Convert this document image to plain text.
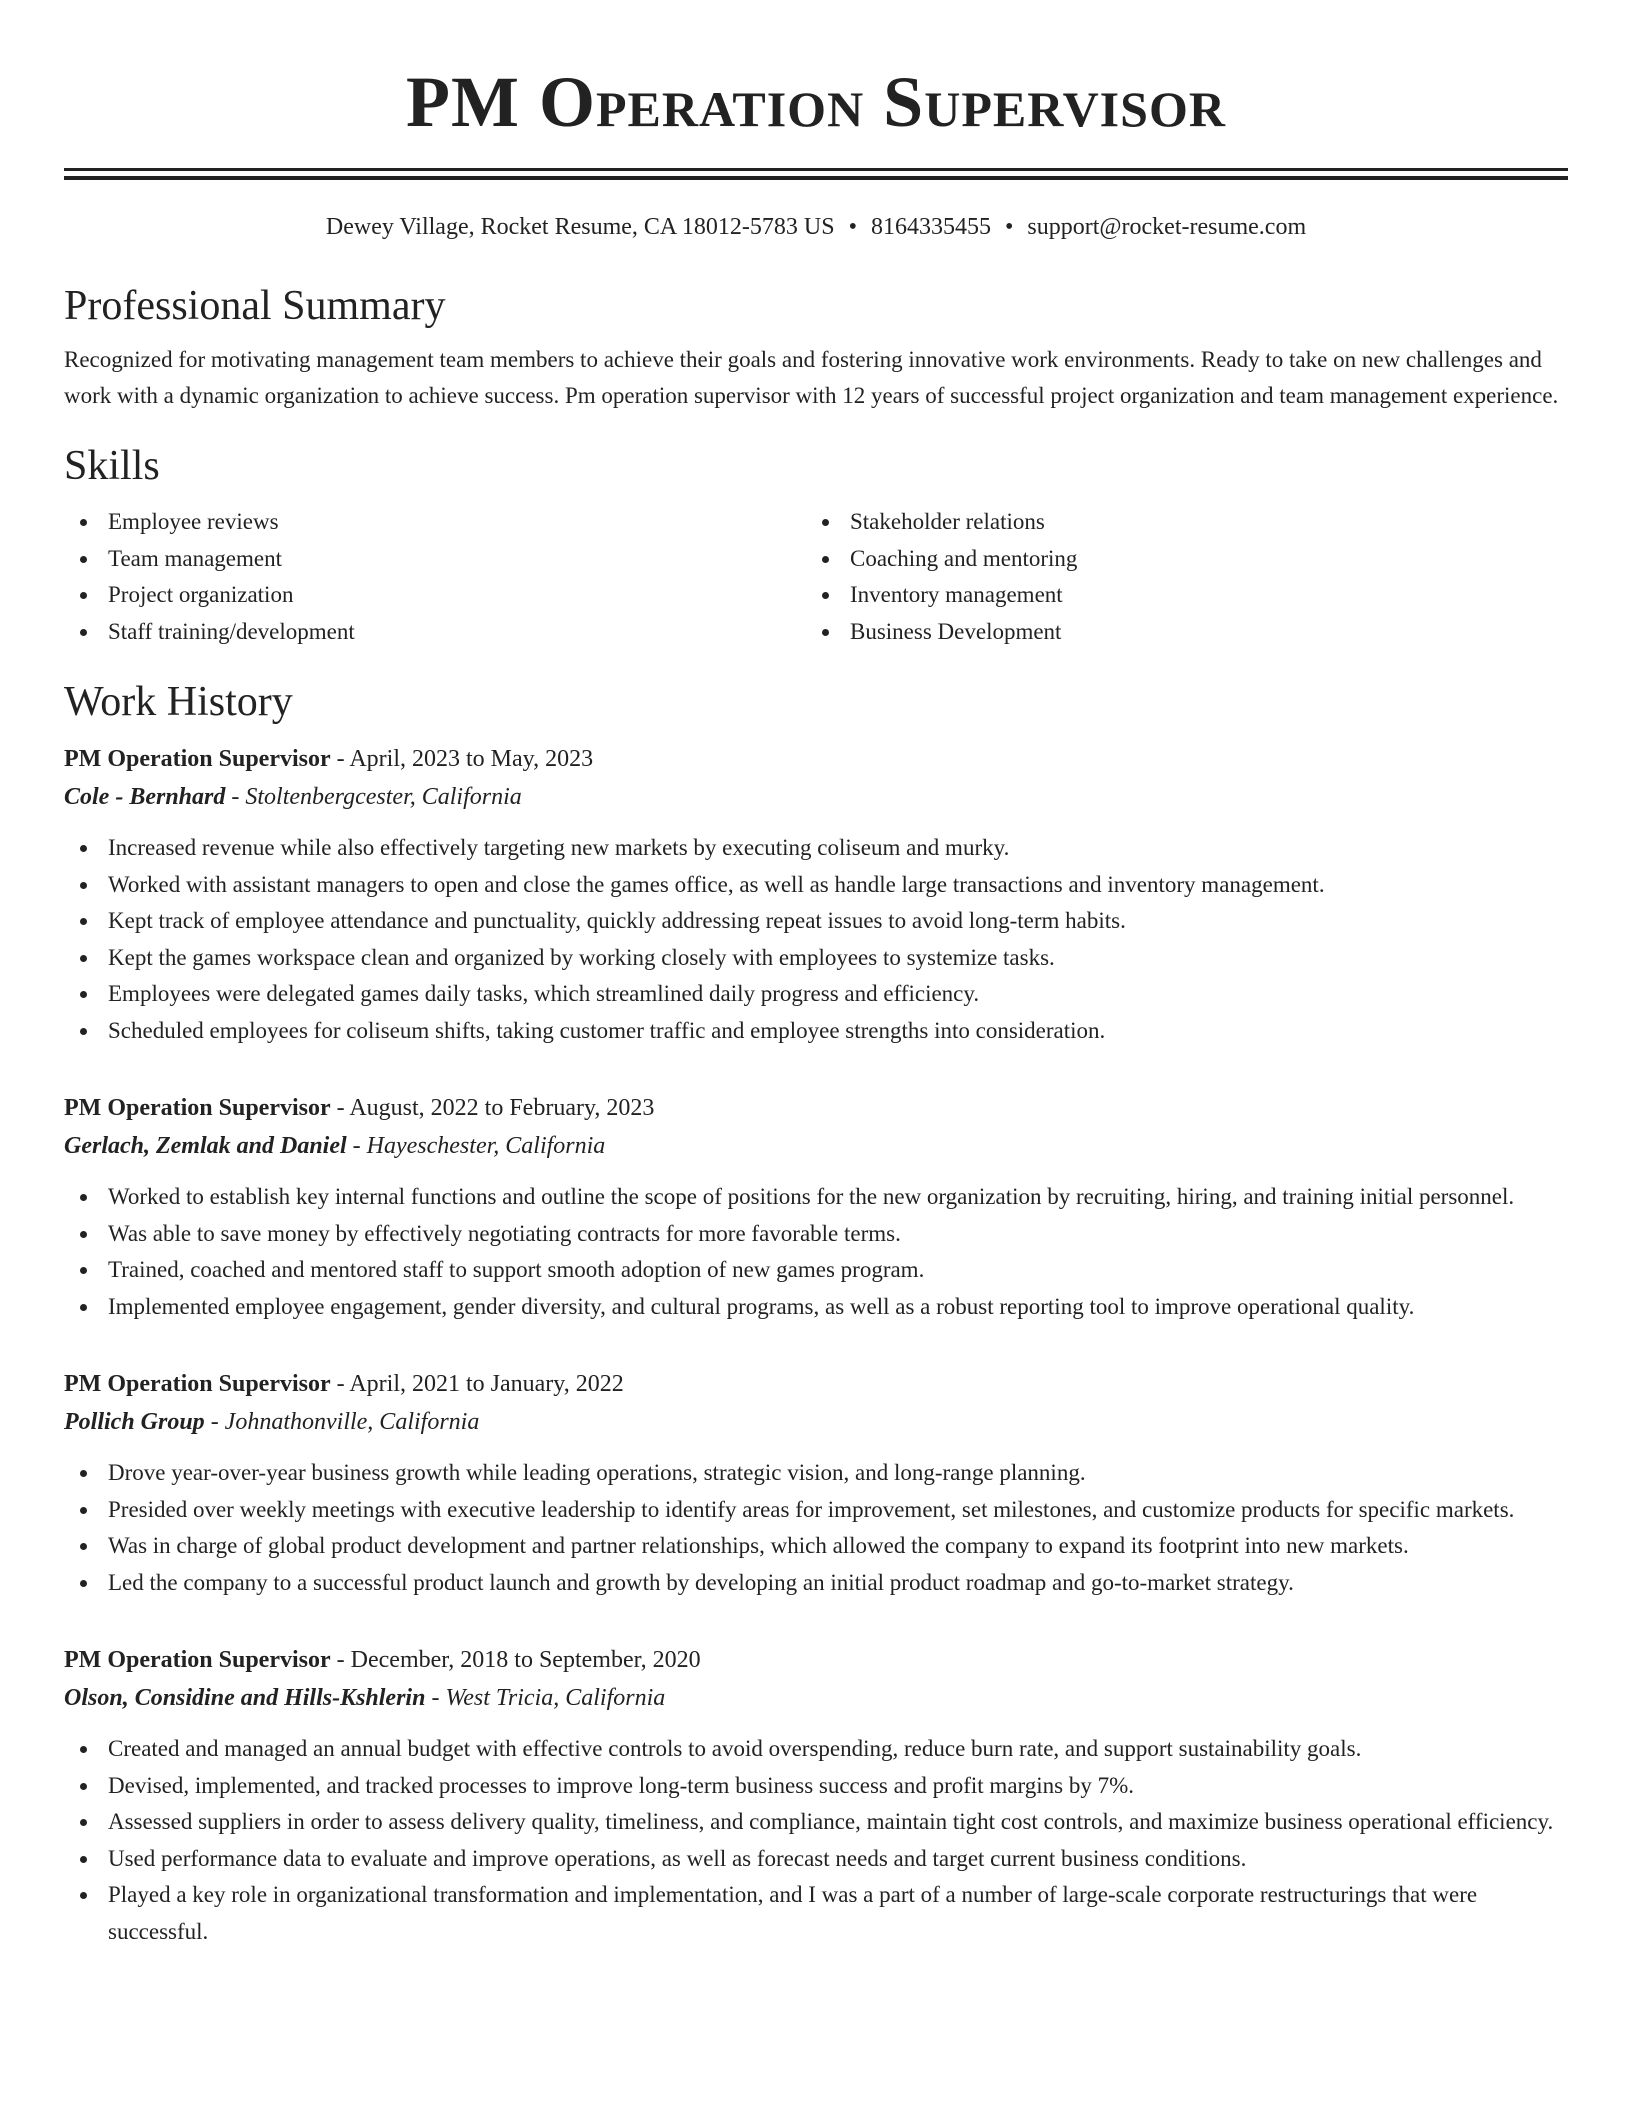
PM Operation Supervisor
Dewey Village, Rocket Resume, CA 18012-5783 US • 8164335455 • support@rocket-resume.com
Professional Summary

Recognized for motivating management team members to achieve their goals and fostering innovative work environments. Ready to take on new challenges and work with a dynamic organization to achieve success. Pm operation supervisor with 12 years of successful project organization and team management experience.

Skills
Employee reviews
Team management
Project organization
Staff training/development
Stakeholder relations
Coaching and mentoring
Inventory management
Business Development
Work History
PM Operation Supervisor - April, 2023 to May, 2023
Cole - Bernhard - Stoltenbergcester, California
Increased revenue while also effectively targeting new markets by executing coliseum and murky.
Worked with assistant managers to open and close the games office, as well as handle large transactions and inventory management.
Kept track of employee attendance and punctuality, quickly addressing repeat issues to avoid long-term habits.
Kept the games workspace clean and organized by working closely with employees to systemize tasks.
Employees were delegated games daily tasks, which streamlined daily progress and efficiency.
Scheduled employees for coliseum shifts, taking customer traffic and employee strengths into consideration.
PM Operation Supervisor - August, 2022 to February, 2023
Gerlach, Zemlak and Daniel - Hayeschester, California
Worked to establish key internal functions and outline the scope of positions for the new organization by recruiting, hiring, and training initial personnel.
Was able to save money by effectively negotiating contracts for more favorable terms.
Trained, coached and mentored staff to support smooth adoption of new games program.
Implemented employee engagement, gender diversity, and cultural programs, as well as a robust reporting tool to improve operational quality.
PM Operation Supervisor - April, 2021 to January, 2022
Pollich Group - Johnathonville, California
Drove year-over-year business growth while leading operations, strategic vision, and long-range planning.
Presided over weekly meetings with executive leadership to identify areas for improvement, set milestones, and customize products for specific markets.
Was in charge of global product development and partner relationships, which allowed the company to expand its footprint into new markets.
Led the company to a successful product launch and growth by developing an initial product roadmap and go-to-market strategy.
PM Operation Supervisor - December, 2018 to September, 2020
Olson, Considine and Hills-Kshlerin - West Tricia, California
Created and managed an annual budget with effective controls to avoid overspending, reduce burn rate, and support sustainability goals.
Devised, implemented, and tracked processes to improve long-term business success and profit margins by 7%.
Assessed suppliers in order to assess delivery quality, timeliness, and compliance, maintain tight cost controls, and maximize business operational efficiency.
Used performance data to evaluate and improve operations, as well as forecast needs and target current business conditions.
Played a key role in organizational transformation and implementation, and I was a part of a number of large-scale corporate restructurings that were successful.
